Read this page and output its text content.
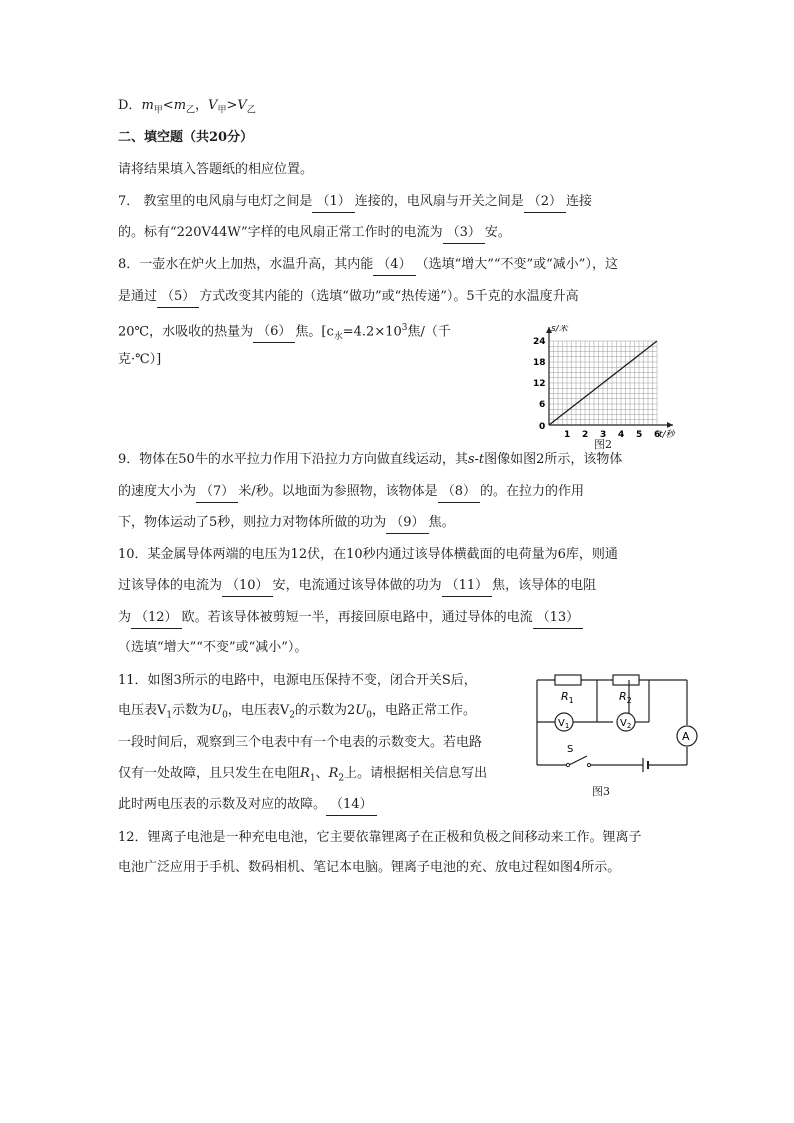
D．$m_甲<m_乙$，$V_甲>V_乙$
二、填空题（共20分）
请将结果填入答题纸的相应位置。
7． 教室里的电风扇与电灯之间是 （1） 连接的，电风扇与开关之间是 （2） 连接
的。标有“220V44W”字样的电风扇正常工作时的电流为 （3） 安。
8．一壶水在炉火上加热，水温升高，其内能 （4） （选填“增大”“不变”或“减小”），这
是通过 （5） 方式改变其内能的（选填“做功”或“热传递”）。5千克的水温度升高
20℃，水吸收的热量为 （6） 焦。[$c_水=4.2\times 10^3$焦/（千
克·℃）]
1 2 3 4 5 6
6
12
18
24
0
s/米
t/秒
图2
9．物体在50牛的水平拉力作用下沿拉力方向做直线运动，其s-t图像如图2所示，该物体
的速度大小为 （7） 米/秒。以地面为参照物，该物体是 （8） 的。在拉力的作用
下，物体运动了5秒，则拉力对物体所做的功为 （9） 焦。
10．某金属导体两端的电压为12伏，在10秒内通过该导体横截面的电荷量为6库，则通
过该导体的电流为 （10） 安，电流通过该导体做的功为 （11） 焦，该导体的电阻
为 （12） 欧。若该导体被剪短一半，再接回原电路中，通过导体的电流 （13）
（选填“增大”“不变”或“减小”）。
11．如图3所示的电路中，电源电压保持不变，闭合开关S后，
电压表$V_1$示数为$U_0$，电压表$V_2$的示数为$2U_0$，电路正常工作。
一段时间后，观察到三个电表中有一个电表的示数变大。若电路
仅有一处故障，且只发生在电阻$R_1$、$R_2$上。请根据相关信息写出
此时两电压表的示数及对应的故障。 （14）
$R_1$	$R_2$
$V_1$	$V_2$
A
S
图3
12．锂离子电池是一种充电电池，它主要依靠锂离子在正极和负极之间移动来工作。锂离子
电池广泛应用于手机、数码相机、笔记本电脑。锂离子电池的充、放电过程如图4所示。
